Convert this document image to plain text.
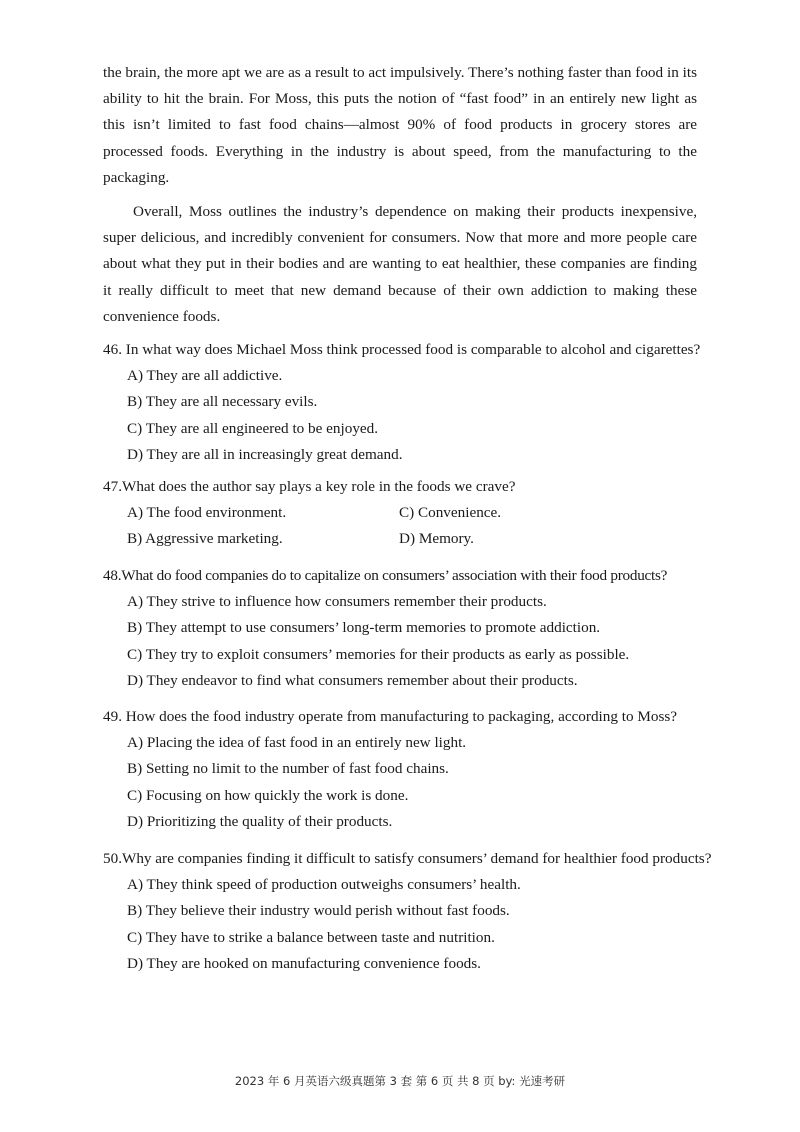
the brain, the more apt we are as a result to act impulsively. There’s nothing faster than food in its ability to hit the brain. For Moss, this puts the notion of “fast food” in an entirely new light as this isn’t limited to fast food chains—almost 90% of food products in grocery stores are processed foods. Everything in the industry is about speed, from the manufacturing to the packaging.

Overall, Moss outlines the industry’s dependence on making their products inexpensive, super delicious, and incredibly convenient for consumers. Now that more and more people care about what they put in their bodies and are wanting to eat healthier, these companies are finding it really difficult to meet that new demand because of their own addiction to making these convenience foods.

46. In what way does Michael Moss think processed food is comparable to alcohol and cigarettes?

A) They are all addictive.

B) They are all necessary evils.

C) They are all engineered to be enjoyed.

D) They are all in increasingly great demand.

47.What does the author say plays a key role in the foods we crave?

A) The food environment.	C) Convenience.
B) Aggressive marketing.	D) Memory.

48.What do food companies do to capitalize on consumers’ association with their food products?

A) They strive to influence how consumers remember their products.

B) They attempt to use consumers’ long-term memories to promote addiction.

C) They try to exploit consumers’ memories for their products as early as possible.

D) They endeavor to find what consumers remember about their products.

49. How does the food industry operate from manufacturing to packaging, according to Moss?

A) Placing the idea of fast food in an entirely new light.

B) Setting no limit to the number of fast food chains.

C) Focusing on how quickly the work is done.

D) Prioritizing the quality of their products.

50.Why are companies finding it difficult to satisfy consumers’ demand for healthier food products?

A) They think speed of production outweighs consumers’ health.

B) They believe their industry would perish without fast foods.

C) They have to strike a balance between taste and nutrition.

D) They are hooked on manufacturing convenience foods.

2023 年 6 月英语六级真题第 3 套 第 6 页 共 8 页 by: 光速考研
